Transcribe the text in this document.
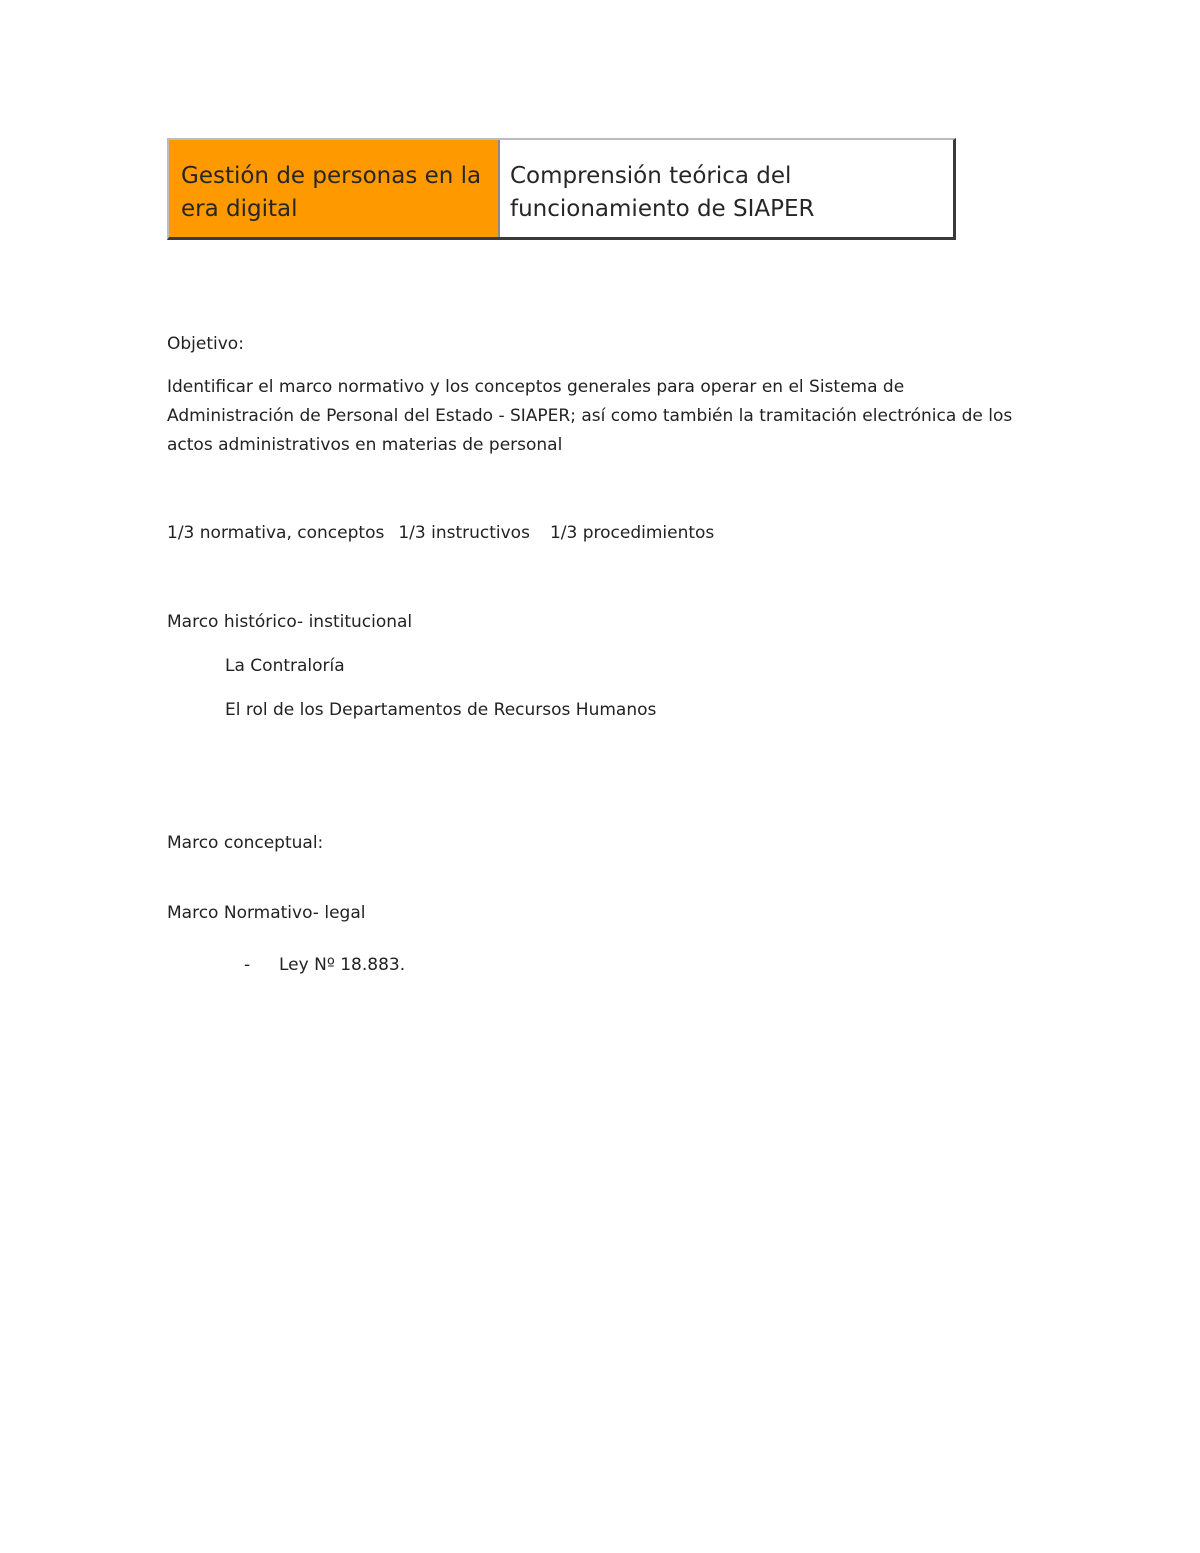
Gestión de personas en la
era digital
Comprensión teórica del
funcionamiento de SIAPER
Objetivo:
Identificar el marco normativo y los conceptos generales para operar en el Sistema de
Administración de Personal del Estado - SIAPER; así como también la tramitación electrónica de los
actos administrativos en materias de personal
1/3 normativa, conceptos 1/3 instructivos 1/3 procedimientos
Marco histórico- institucional
La Contraloría
El rol de los Departamentos de Recursos Humanos
Marco conceptual:
Marco Normativo- legal
- Ley Nº 18.883.
